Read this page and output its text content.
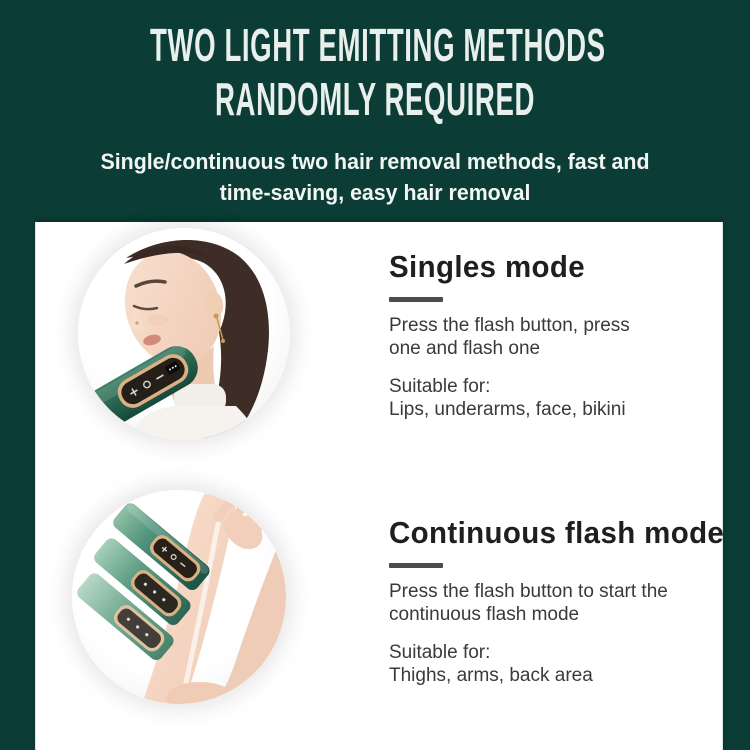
TWO LIGHT EMITTING METHODS
RANDOMLY REQUIRED

Single/continuous two hair removal methods, fast and
time-saving, easy hair removal

Singles mode

Press the flash button, press
one and flash one

Suitable for:
Lips, underarms, face, bikini

Continuous flash mode

Press the flash button to start the
continuous flash mode

Suitable for:
Thighs, arms, back area
